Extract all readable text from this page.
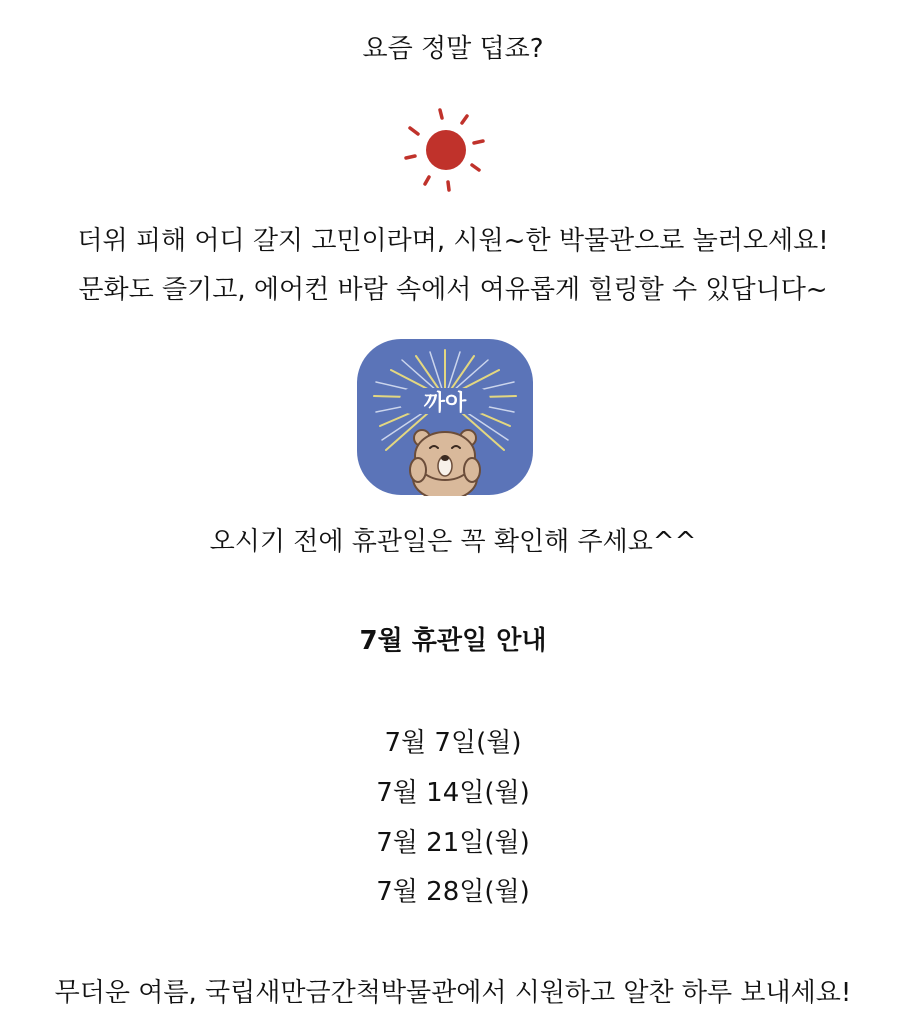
요즘 정말 덥죠?
더위 피해 어디 갈지 고민이라며, 시원~한 박물관으로 놀러오세요!
문화도 즐기고, 에어컨 바람 속에서 여유롭게 힐링할 수 있답니다~
까아
오시기 전에 휴관일은 꼭 확인해 주세요^^
7월 휴관일 안내
7월 7일(월)
7월 14일(월)
7월 21일(월)
7월 28일(월)
무더운 여름, 국립새만금간척박물관에서 시원하고 알찬 하루 보내세요!
